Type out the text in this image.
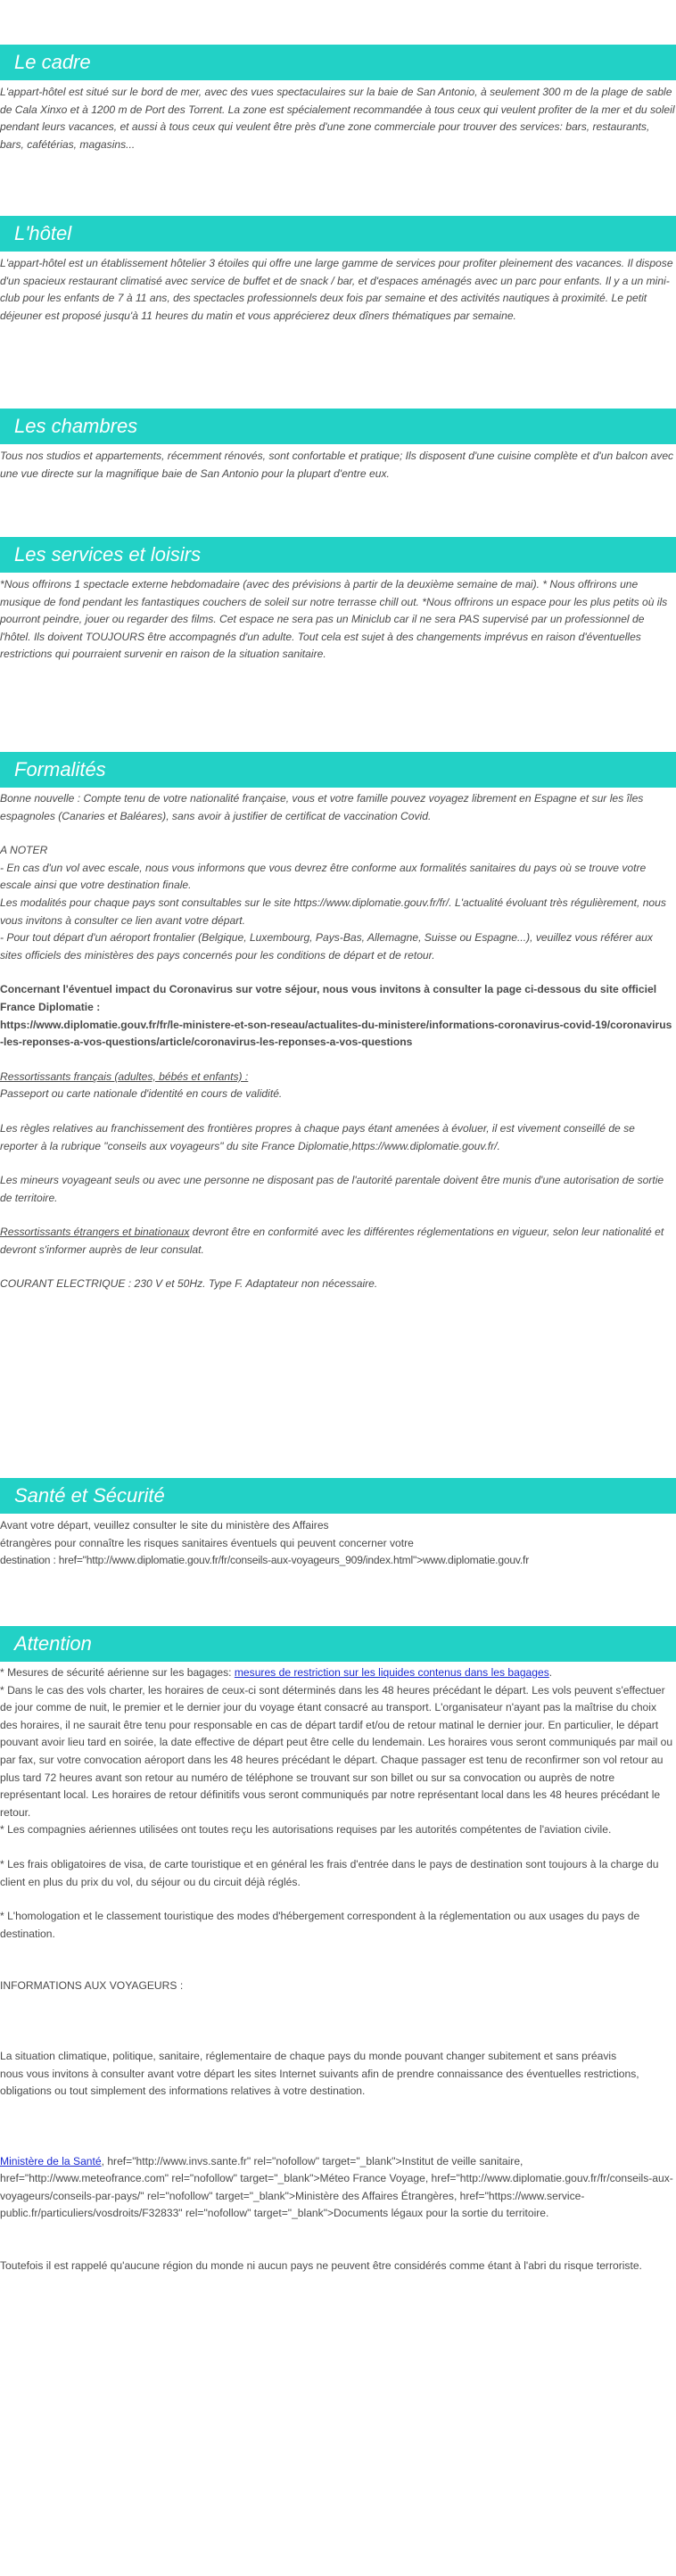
Le cadre

L'appart-hôtel est situé sur le bord de mer, avec des vues spectaculaires sur la baie de San Antonio, à seulement 300 m de la plage de sable de Cala Xinxo et à 1200 m de Port des Torrent. La zone est spécialement recommandée à tous ceux qui veulent profiter de la mer et du soleil pendant leurs vacances, et aussi à tous ceux qui veulent être près d'une zone commerciale pour trouver des services: bars, restaurants, bars, cafétérias, magasins...

L'hôtel

L'appart-hôtel est un établissement hôtelier 3 étoiles qui offre une large gamme de services pour profiter pleinement des vacances. Il dispose d'un spacieux restaurant climatisé avec service de buffet et de snack / bar, et d'espaces aménagés avec un parc pour enfants. Il y a un mini-club pour les enfants de 7 à 11 ans, des spectacles professionnels deux fois par semaine et des activités nautiques à proximité. Le petit déjeuner est proposé jusqu'à 11 heures du matin et vous apprécierez deux dîners thématiques par semaine.

Les chambres

Tous nos studios et appartements, récemment rénovés, sont confortable et pratique; Ils disposent d'une cuisine complète et d'un balcon avec une vue directe sur la magnifique baie de San Antonio pour la plupart d'entre eux.

Les services et loisirs

*Nous offrirons 1 spectacle externe hebdomadaire (avec des prévisions à partir de la deuxième semaine de mai). * Nous offrirons une musique de fond pendant les fantastiques couchers de soleil sur notre terrasse chill out. *Nous offrirons un espace pour les plus petits où ils pourront peindre, jouer ou regarder des films. Cet espace ne sera pas un Miniclub car il ne sera PAS supervisé par un professionnel de l'hôtel. Ils doivent TOUJOURS être accompagnés d'un adulte. Tout cela est sujet à des changements imprévus en raison d'éventuelles restrictions qui pourraient survenir en raison de la situation sanitaire.

Formalités

Bonne nouvelle : Compte tenu de votre nationalité française, vous et votre famille pouvez voyagez librement en Espagne et sur les îles espagnoles (Canaries et Baléares), sans avoir à justifier de certificat de vaccination Covid.

A NOTER

- En cas d'un vol avec escale, nous vous informons que vous devrez être conforme aux formalités sanitaires du pays où se trouve votre escale ainsi que votre destination finale.

Les modalités pour chaque pays sont consultables sur le site https://www.diplomatie.gouv.fr/fr/. L'actualité évoluant très régulièrement, nous vous invitons à consulter ce lien avant votre départ.

- Pour tout départ d'un aéroport frontalier (Belgique, Luxembourg, Pays-Bas, Allemagne, Suisse ou Espagne...), veuillez vous référer aux sites officiels des ministères des pays concernés pour les conditions de départ et de retour.

Concernant l'éventuel impact du Coronavirus sur votre séjour, nous vous invitons à consulter la page ci-dessous du site officiel France Diplomatie :

https://www.diplomatie.gouv.fr/fr/le-ministere-et-son-reseau/actualites-du-ministere/informations-coronavirus-covid-19/coronavirus-les-reponses-a-vos-questions/article/coronavirus-les-reponses-a-vos-questions

Ressortissants français (adultes, bébés et enfants) :

Passeport ou carte nationale d'identité en cours de validité.

Les règles relatives au franchissement des frontières propres à chaque pays étant amenées à évoluer, il est vivement conseillé de se reporter à la rubrique "conseils aux voyageurs" du site France Diplomatie,https://www.diplomatie.gouv.fr/.

Les mineurs voyageant seuls ou avec une personne ne disposant pas de l'autorité parentale doivent être munis d'une autorisation de sortie de territoire.

Ressortissants étrangers et binationaux devront être en conformité avec les différentes réglementations en vigueur, selon leur nationalité et devront s'informer auprès de leur consulat.

COURANT ELECTRIQUE : 230 V et 50Hz. Type F. Adaptateur non nécessaire.

Santé et Sécurité

Avant votre départ, veuillez consulter le site du ministère des Affaires

étrangères pour connaître les risques sanitaires éventuels qui peuvent concerner votre

destination : href="http://www.diplomatie.gouv.fr/fr/conseils-aux-voyageurs_909/index.html">www.diplomatie.gouv.fr

Attention

* Mesures de sécurité aérienne sur les bagages: mesures de restriction sur les liquides contenus dans les bagages.

* Dans le cas des vols charter, les horaires de ceux-ci sont déterminés dans les 48 heures précédant le départ. Les vols peuvent s'effectuer de jour comme de nuit, le premier et le dernier jour du voyage étant consacré au transport. L'organisateur n'ayant pas la maîtrise du choix des horaires, il ne saurait être tenu pour responsable en cas de départ tardif et/ou de retour matinal le dernier jour. En particulier, le départ pouvant avoir lieu tard en soirée, la date effective de départ peut être celle du lendemain. Les horaires vous seront communiqués par mail ou par fax, sur votre convocation aéroport dans les 48 heures précédant le départ. Chaque passager est tenu de reconfirmer son vol retour au plus tard 72 heures avant son retour au numéro de téléphone se trouvant sur son billet ou sur sa convocation ou auprès de notre représentant local. Les horaires de retour définitifs vous seront communiqués par notre représentant local dans les 48 heures précédant le retour.

* Les compagnies aériennes utilisées ont toutes reçu les autorisations requises par les autorités compétentes de l'aviation civile.

* Les frais obligatoires de visa, de carte touristique et en général les frais d'entrée dans le pays de destination sont toujours à la charge du client en plus du prix du vol, du séjour ou du circuit déjà réglés.

* L'homologation et le classement touristique des modes d'hébergement correspondent à la réglementation ou aux usages du pays de destination.

INFORMATIONS AUX VOYAGEURS :

La situation climatique, politique, sanitaire, réglementaire de chaque pays du monde pouvant changer subitement et sans préavis

nous vous invitons à consulter avant votre départ les sites Internet suivants afin de prendre connaissance des éventuelles restrictions, obligations ou tout simplement des informations relatives à votre destination.

Ministère de la Santé, href="http://www.invs.sante.fr" rel="nofollow" target="_blank">Institut de veille sanitaire, href="http://www.meteofrance.com" rel="nofollow" target="_blank">Méteo France Voyage, href="http://www.diplomatie.gouv.fr/fr/conseils-aux-voyageurs/conseils-par-pays/" rel="nofollow" target="_blank">Ministère des Affaires Étrangères, href="https://www.service-public.fr/particuliers/vosdroits/F32833" rel="nofollow" target="_blank">Documents légaux pour la sortie du territoire.

Toutefois il est rappelé qu'aucune région du monde ni aucun pays ne peuvent être considérés comme étant à l'abri du risque terroriste.
